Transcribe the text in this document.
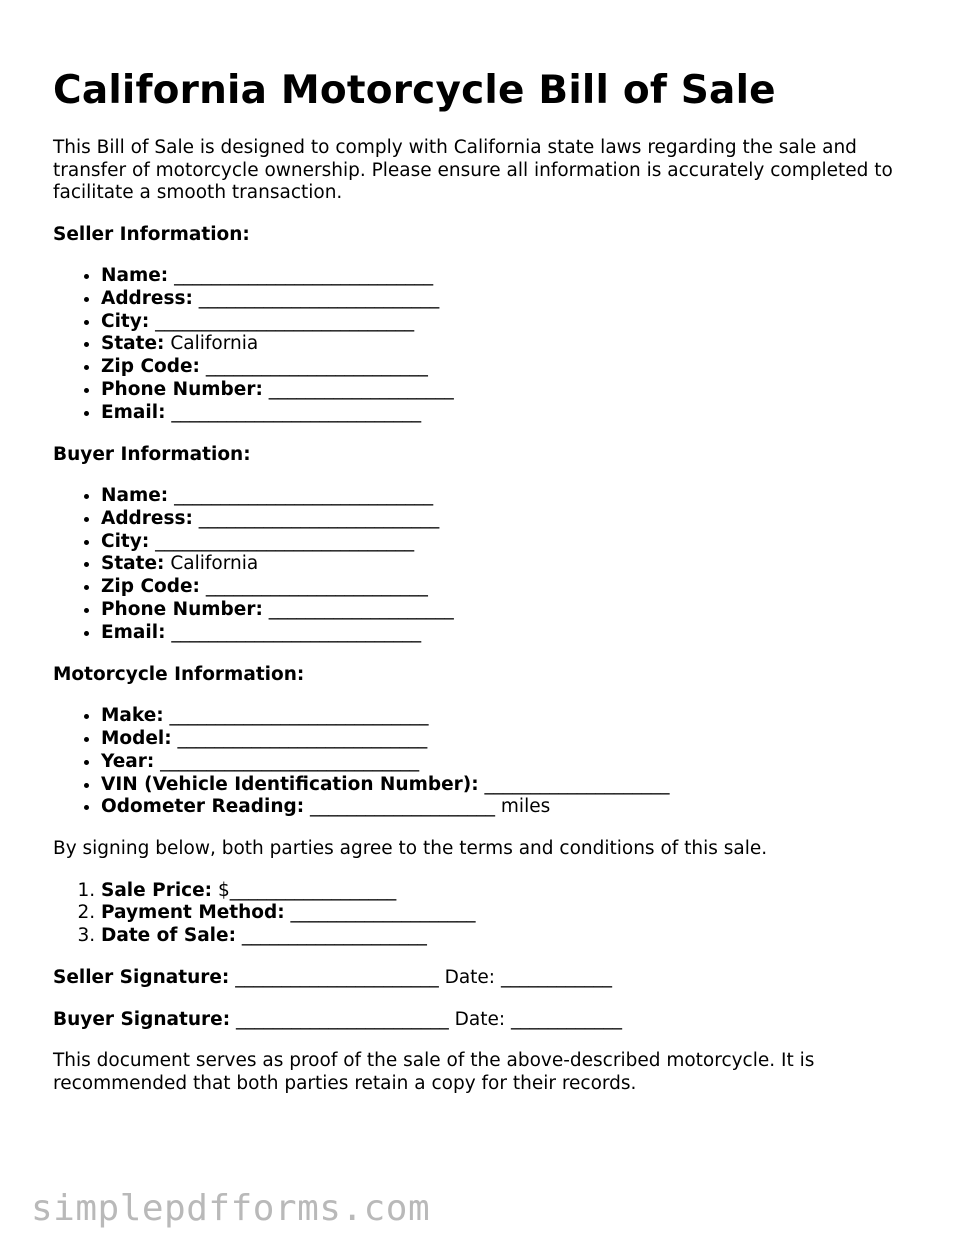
California Motorcycle Bill of Sale

This Bill of Sale is designed to comply with California state laws regarding the sale and transfer of motorcycle ownership. Please ensure all information is accurately completed to facilitate a smooth transaction.

Seller Information:
• Name: ____________________________
• Address: __________________________
• City: ____________________________
• State: California
• Zip Code: ________________________
• Phone Number: ____________________
• Email: ___________________________
Buyer Information:
• Name: ____________________________
• Address: __________________________
• City: ____________________________
• State: California
• Zip Code: ________________________
• Phone Number: ____________________
• Email: ___________________________
Motorcycle Information:
• Make: ____________________________
• Model: ___________________________
• Year: ____________________________
• VIN (Vehicle Identification Number): ____________________
• Odometer Reading: ____________________ miles

By signing below, both parties agree to the terms and conditions of this sale.

1. Sale Price: $__________________
2. Payment Method: ____________________
3. Date of Sale: ____________________
Seller Signature: ______________________ Date: ____________
Buyer Signature: _______________________ Date: ____________

This document serves as proof of the sale of the above-described motorcycle. It is recommended that both parties retain a copy for their records.

simplepdfforms.com
